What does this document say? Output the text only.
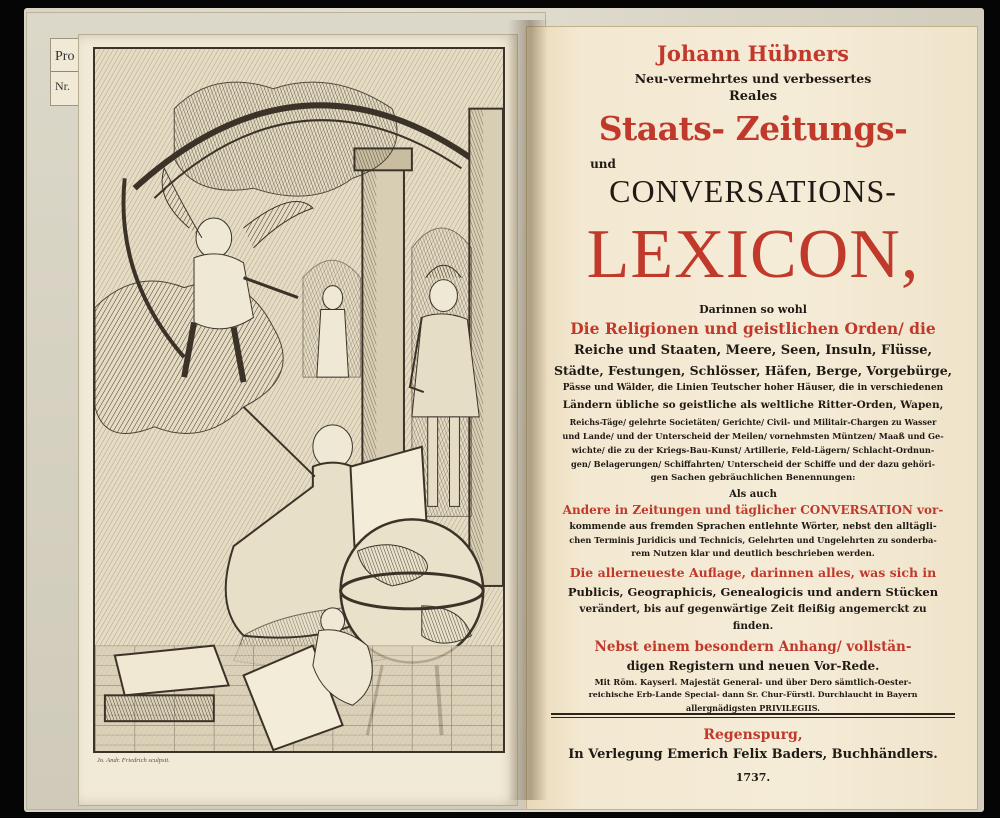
Pro
Nr.
Jo. Andr. Friedrich sculpsit.
Johann Hübners
Neu-vermehrtes und verbessertes
Reales
Staats- Zeitungs-
und
CONVERSATIONS-
LEXICON,
Darinnen so wohl
Die Religionen und geistlichen Orden/ die
Reiche und Staaten, Meere, Seen, Insuln, Flüsse,
Städte, Festungen, Schlösser, Häfen, Berge, Vorgebürge,
Pässe und Wälder, die Linien Teutscher hoher Häuser, die in verschiedenen
Ländern übliche so geistliche als weltliche Ritter-Orden, Wapen,
Reichs-Täge/ gelehrte Societäten/ Gerichte/ Civil- und Militair-Chargen zu Wasser
und Lande/ und der Unterscheid der Meilen/ vornehmsten Müntzen/ Maaß und Ge-
wichte/ die zu der Kriegs-Bau-Kunst/ Artillerie, Feld-Lägern/ Schlacht-Ordnun-
gen/ Belagerungen/ Schiffahrten/ Unterscheid der Schiffe und der dazu gehöri-
gen Sachen gebräuchlichen Benennungen:
Als auch
Andere in Zeitungen und täglicher CONVERSATION vor-
kommende aus fremden Sprachen entlehnte Wörter, nebst den alltägli-
chen Terminis Juridicis und Technicis, Gelehrten und Ungelehrten zu sonderba-
rem Nutzen klar und deutlich beschrieben werden.
Die allerneueste Auflage, darinnen alles, was sich in
Publicis, Geographicis, Genealogicis und andern Stücken
verändert, bis auf gegenwärtige Zeit fleißig angemerckt zu
finden.
Nebst einem besondern Anhang/ vollstän-
digen Registern und neuen Vor-Rede.
Mit Röm. Kayserl. Majestät General- und über Dero sämtlich-Oester-
reichische Erb-Lande Special- dann Sr. Chur-Fürstl. Durchlaucht in Bayern
allergnädigsten PRIVILEGIIS.
Regenspurg,
In Verlegung Emerich Felix Baders, Buchhändlers.
1737.
